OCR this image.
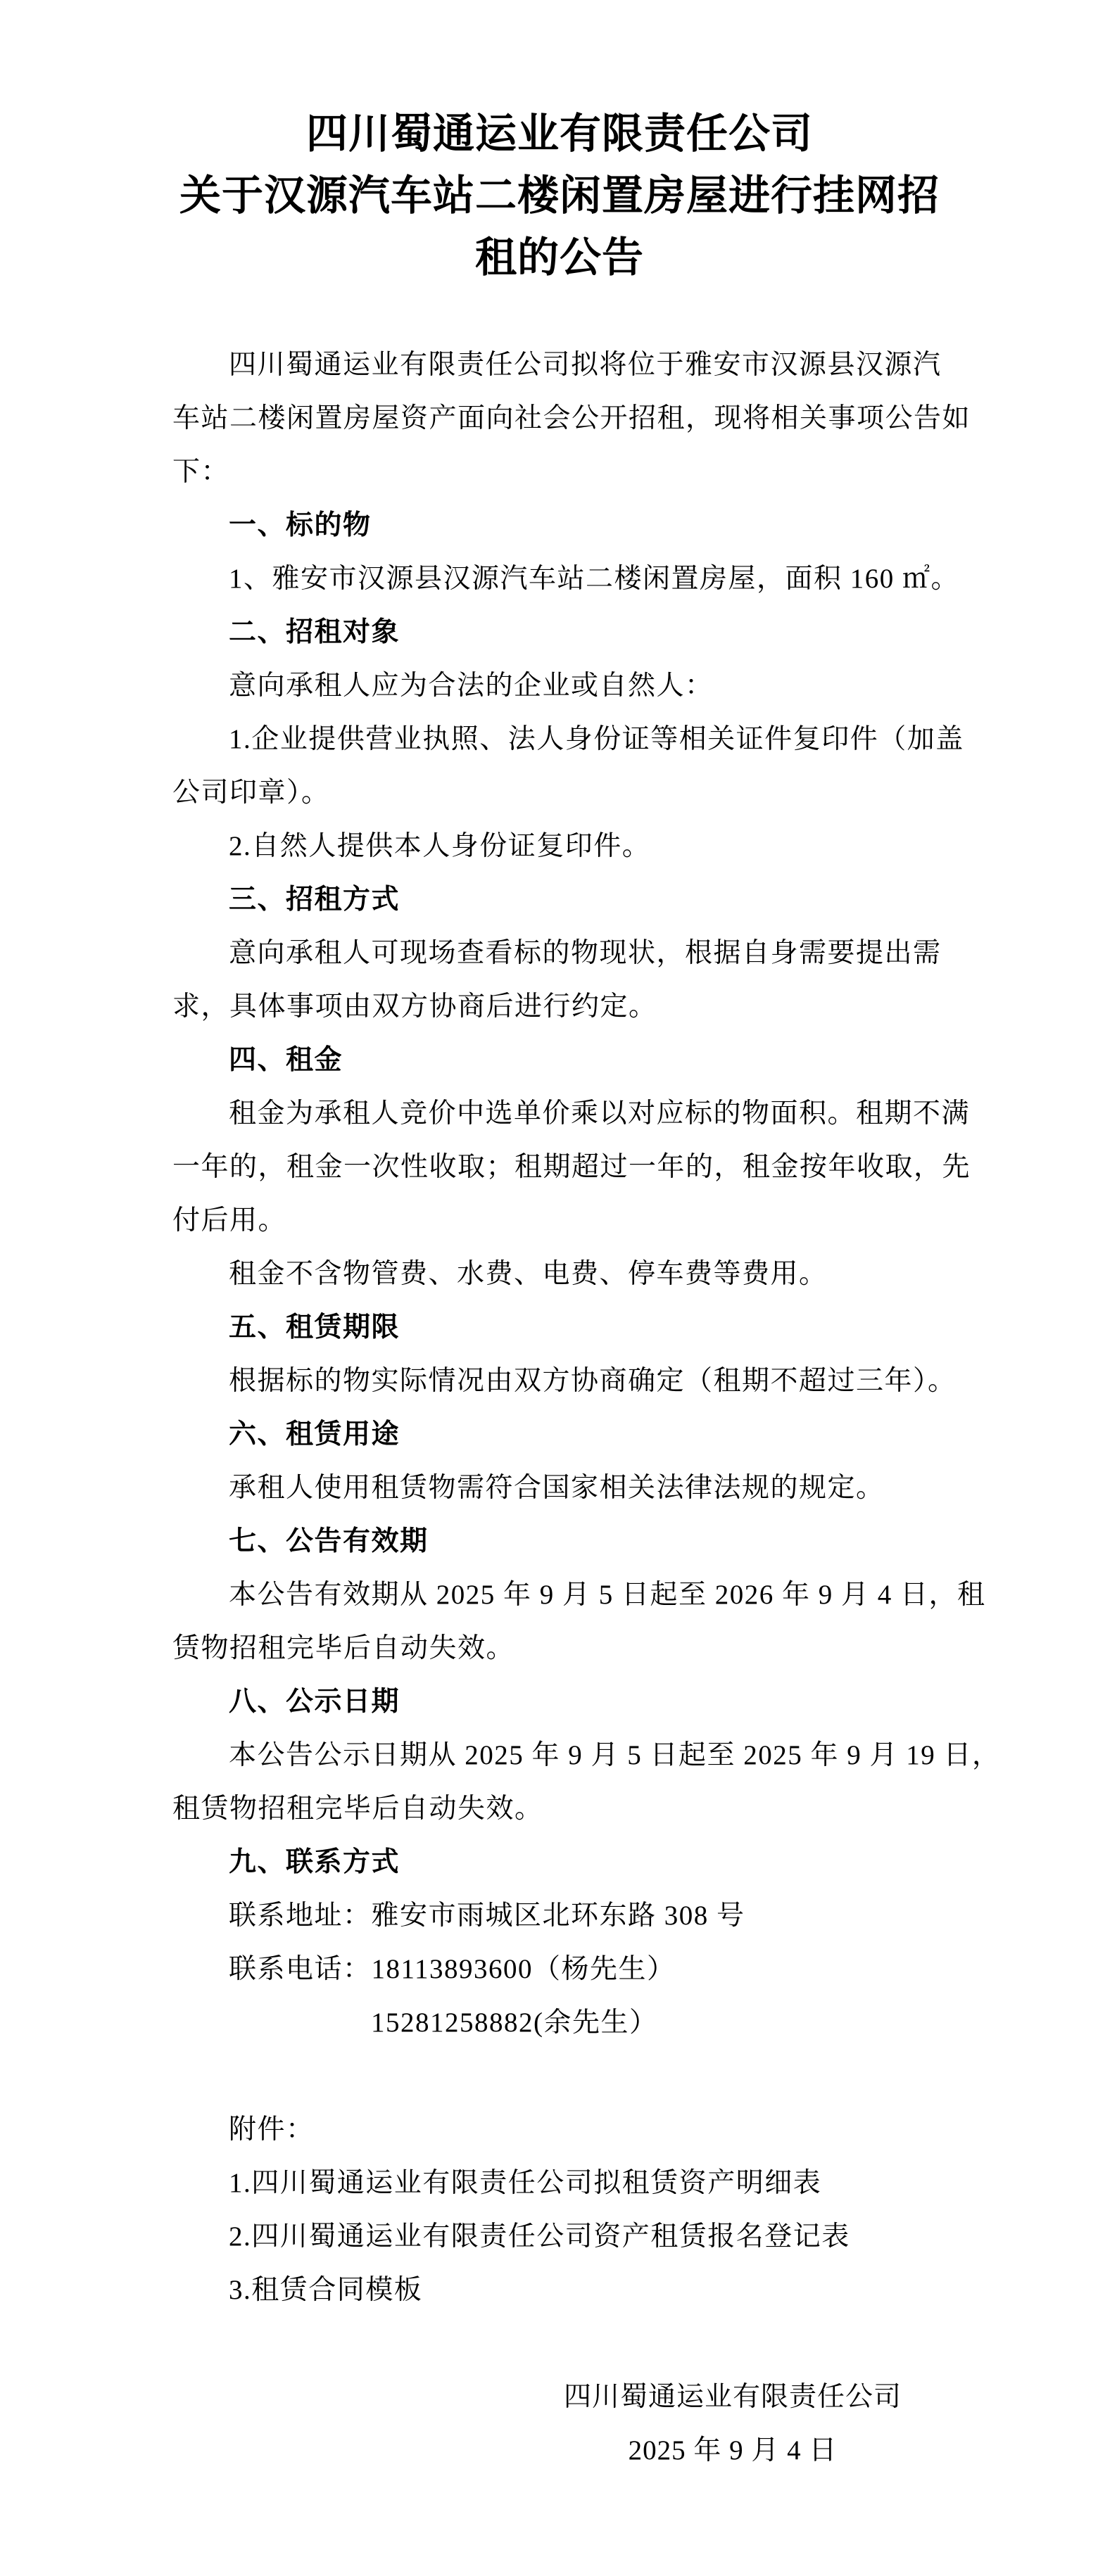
四川蜀通运业有限责任公司
关于汉源汽车站二楼闲置房屋进行挂网招
租的公告
四川蜀通运业有限责任公司拟将位于雅安市汉源县汉源汽
车站二楼闲置房屋资产面向社会公开招租，现将相关事项公告如
下：
一、标的物
1、雅安市汉源县汉源汽车站二楼闲置房屋，面积 160 ㎡。
二、招租对象
意向承租人应为合法的企业或自然人：
1.企业提供营业执照、法人身份证等相关证件复印件（加盖
公司印章）。
2.自然人提供本人身份证复印件。
三、招租方式
意向承租人可现场查看标的物现状，根据自身需要提出需
求，具体事项由双方协商后进行约定。
四、租金
租金为承租人竞价中选单价乘以对应标的物面积。租期不满
一年的，租金一次性收取；租期超过一年的，租金按年收取，先
付后用。
租金不含物管费、水费、电费、停车费等费用。
五、租赁期限
根据标的物实际情况由双方协商确定（租期不超过三年）。
六、租赁用途
承租人使用租赁物需符合国家相关法律法规的规定。
七、公告有效期
本公告有效期从 2025 年 9 月 5 日起至 2026 年 9 月 4 日，租
赁物招租完毕后自动失效。
八、公示日期
本公告公示日期从 2025 年 9 月 5 日起至 2025 年 9 月 19 日，
租赁物招租完毕后自动失效。
九、联系方式
联系地址：雅安市雨城区北环东路 308 号
联系电话：18113893600（杨先生）
15281258882(余先生）
附件：
1.四川蜀通运业有限责任公司拟租赁资产明细表
2.四川蜀通运业有限责任公司资产租赁报名登记表
3.租赁合同模板
四川蜀通运业有限责任公司
2025 年 9 月 4 日
